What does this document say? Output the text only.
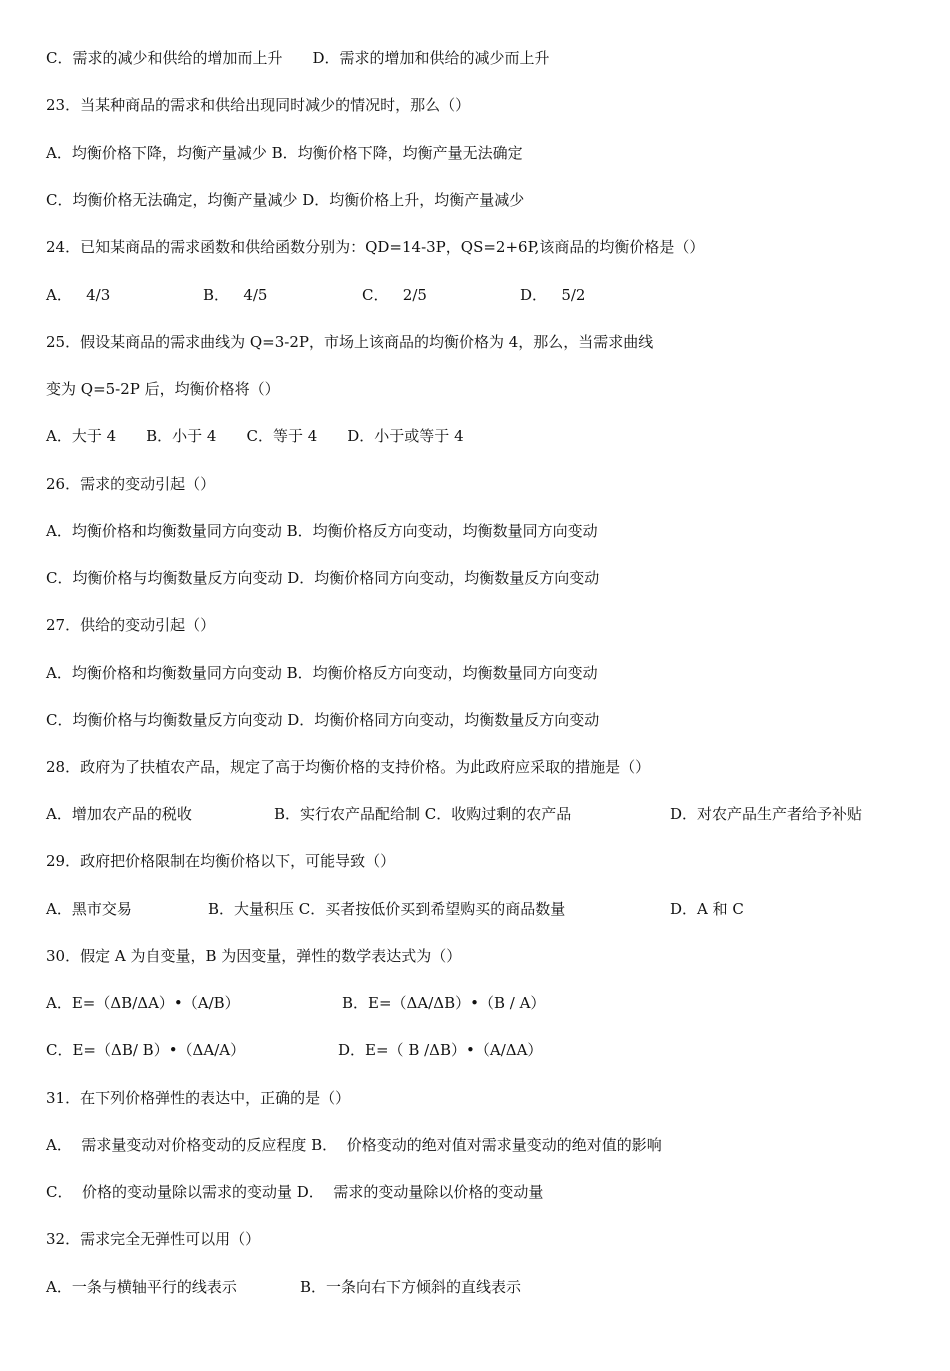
C．需求的减少和供给的增加而上升　　D．需求的增加和供给的减少而上升
23．当某种商品的需求和供给出现同时减少的情况时，那么（）
A．均衡价格下降，均衡产量减少 B．均衡价格下降，均衡产量无法确定
C．均衡价格无法确定，均衡产量减少 D．均衡价格上升，均衡产量减少
24．已知某商品的需求函数和供给函数分别为：QD=14-3P，QS=2+6P,该商品的均衡价格是（）

A．   4/3

	B．   4/5

	C．   2/5

	D．   5/2

25．假设某商品的需求曲线为 Q=3-2P，市场上该商品的均衡价格为 4，那么，当需求曲线
变为 Q=5-2P 后，均衡价格将（）
A．大于 4　　B．小于 4　　C．等于 4　　D．小于或等于 4
26．需求的变动引起（）
A．均衡价格和均衡数量同方向变动 B．均衡价格反方向变动，均衡数量同方向变动
C．均衡价格与均衡数量反方向变动 D．均衡价格同方向变动，均衡数量反方向变动
27．供给的变动引起（）
A．均衡价格和均衡数量同方向变动 B．均衡价格反方向变动，均衡数量同方向变动
C．均衡价格与均衡数量反方向变动 D．均衡价格同方向变动，均衡数量反方向变动
28．政府为了扶植农产品，规定了高于均衡价格的支持价格。为此政府应采取的措施是（）

A．增加农产品的税收

	B．实行农产品配给制 C．收购过剩的农产品

	D．对农产品生产者给予补贴

29．政府把价格限制在均衡价格以下，可能导致（）

A．黑市交易

	B．大量积压 C．买者按低价买到希望购买的商品数量

	D．A 和 C

30．假定 A 为自变量，B 为因变量，弹性的数学表达式为（）

A．E=（ΔB/ΔA）•（A/B）

	B．E=（ΔA/ΔB）•（B / A）

C．E=（ΔB/ B）•（ΔA/A）

	D．E=（ B /ΔB）•（A/ΔA）

31．在下列价格弹性的表达中，正确的是（）
A．  需求量变动对价格变动的反应程度 B．  价格变动的绝对值对需求量变动的绝对值的影响
C．  价格的变动量除以需求的变动量 D．  需求的变动量除以价格的变动量
32．需求完全无弹性可以用（）

A．一条与横轴平行的线表示

	B．一条向右下方倾斜的直线表示
